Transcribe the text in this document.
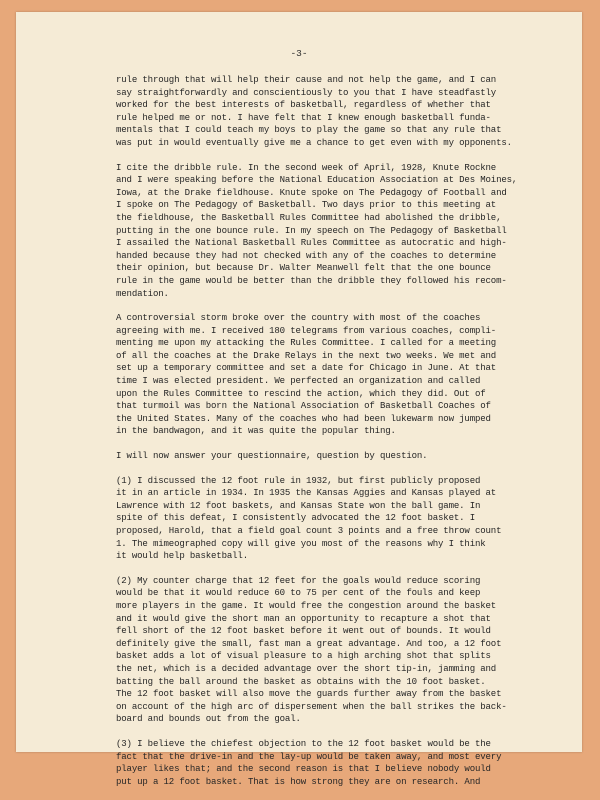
-3-

rule through that will help their cause and not help the game, and I can
say straightforwardly and conscientiously to you that I have steadfastly
worked for the best interests of basketball, regardless of whether that
rule helped me or not. I have felt that I knew enough basketball funda-
mentals that I could teach my boys to play the game so that any rule that
was put in would eventually give me a chance to get even with my opponents.

I cite the dribble rule. In the second week of April, 1928, Knute Rockne
and I were speaking before the National Education Association at Des Moines,
Iowa, at the Drake fieldhouse. Knute spoke on The Pedagogy of Football and
I spoke on The Pedagogy of Basketball. Two days prior to this meeting at
the fieldhouse, the Basketball Rules Committee had abolished the dribble,
putting in the one bounce rule. In my speech on The Pedagogy of Basketball
I assailed the National Basketball Rules Committee as autocratic and high-
handed because they had not checked with any of the coaches to determine
their opinion, but because Dr. Walter Meanwell felt that the one bounce
rule in the game would be better than the dribble they followed his recom-
mendation.

A controversial storm broke over the country with most of the coaches
agreeing with me. I received 180 telegrams from various coaches, compli-
menting me upon my attacking the Rules Committee. I called for a meeting
of all the coaches at the Drake Relays in the next two weeks. We met and
set up a temporary committee and set a date for Chicago in June. At that
time I was elected president. We perfected an organization and called
upon the Rules Committee to rescind the action, which they did. Out of
that turmoil was born the National Association of Basketball Coaches of
the United States. Many of the coaches who had been lukewarm now jumped
in the bandwagon, and it was quite the popular thing.

I will now answer your questionnaire, question by question.

(1) I discussed the 12 foot rule in 1932, but first publicly proposed
it in an article in 1934. In 1935 the Kansas Aggies and Kansas played at
Lawrence with 12 foot baskets, and Kansas State won the ball game. In
spite of this defeat, I consistently advocated the 12 foot basket. I
proposed, Harold, that a field goal count 3 points and a free throw count
1. The mimeographed copy will give you most of the reasons why I think
it would help basketball.

(2) My counter charge that 12 feet for the goals would reduce scoring
would be that it would reduce 60 to 75 per cent of the fouls and keep
more players in the game. It would free the congestion around the basket
and it would give the short man an opportunity to recapture a shot that
fell short of the 12 foot basket before it went out of bounds. It would
definitely give the small, fast man a great advantage. And too, a 12 foot
basket adds a lot of visual pleasure to a high arching shot that splits
the net, which is a decided advantage over the short tip-in, jamming and
batting the ball around the basket as obtains with the 10 foot basket.
The 12 foot basket will also move the guards further away from the basket
on account of the high arc of dispersement when the ball strikes the back-
board and bounds out from the goal.

(3) I believe the chiefest objection to the 12 foot basket would be the
fact that the drive-in and the lay-up would be taken away, and most every
player likes that; and the second reason is that I believe nobody would
put up a 12 foot basket. That is how strong they are on research. And
